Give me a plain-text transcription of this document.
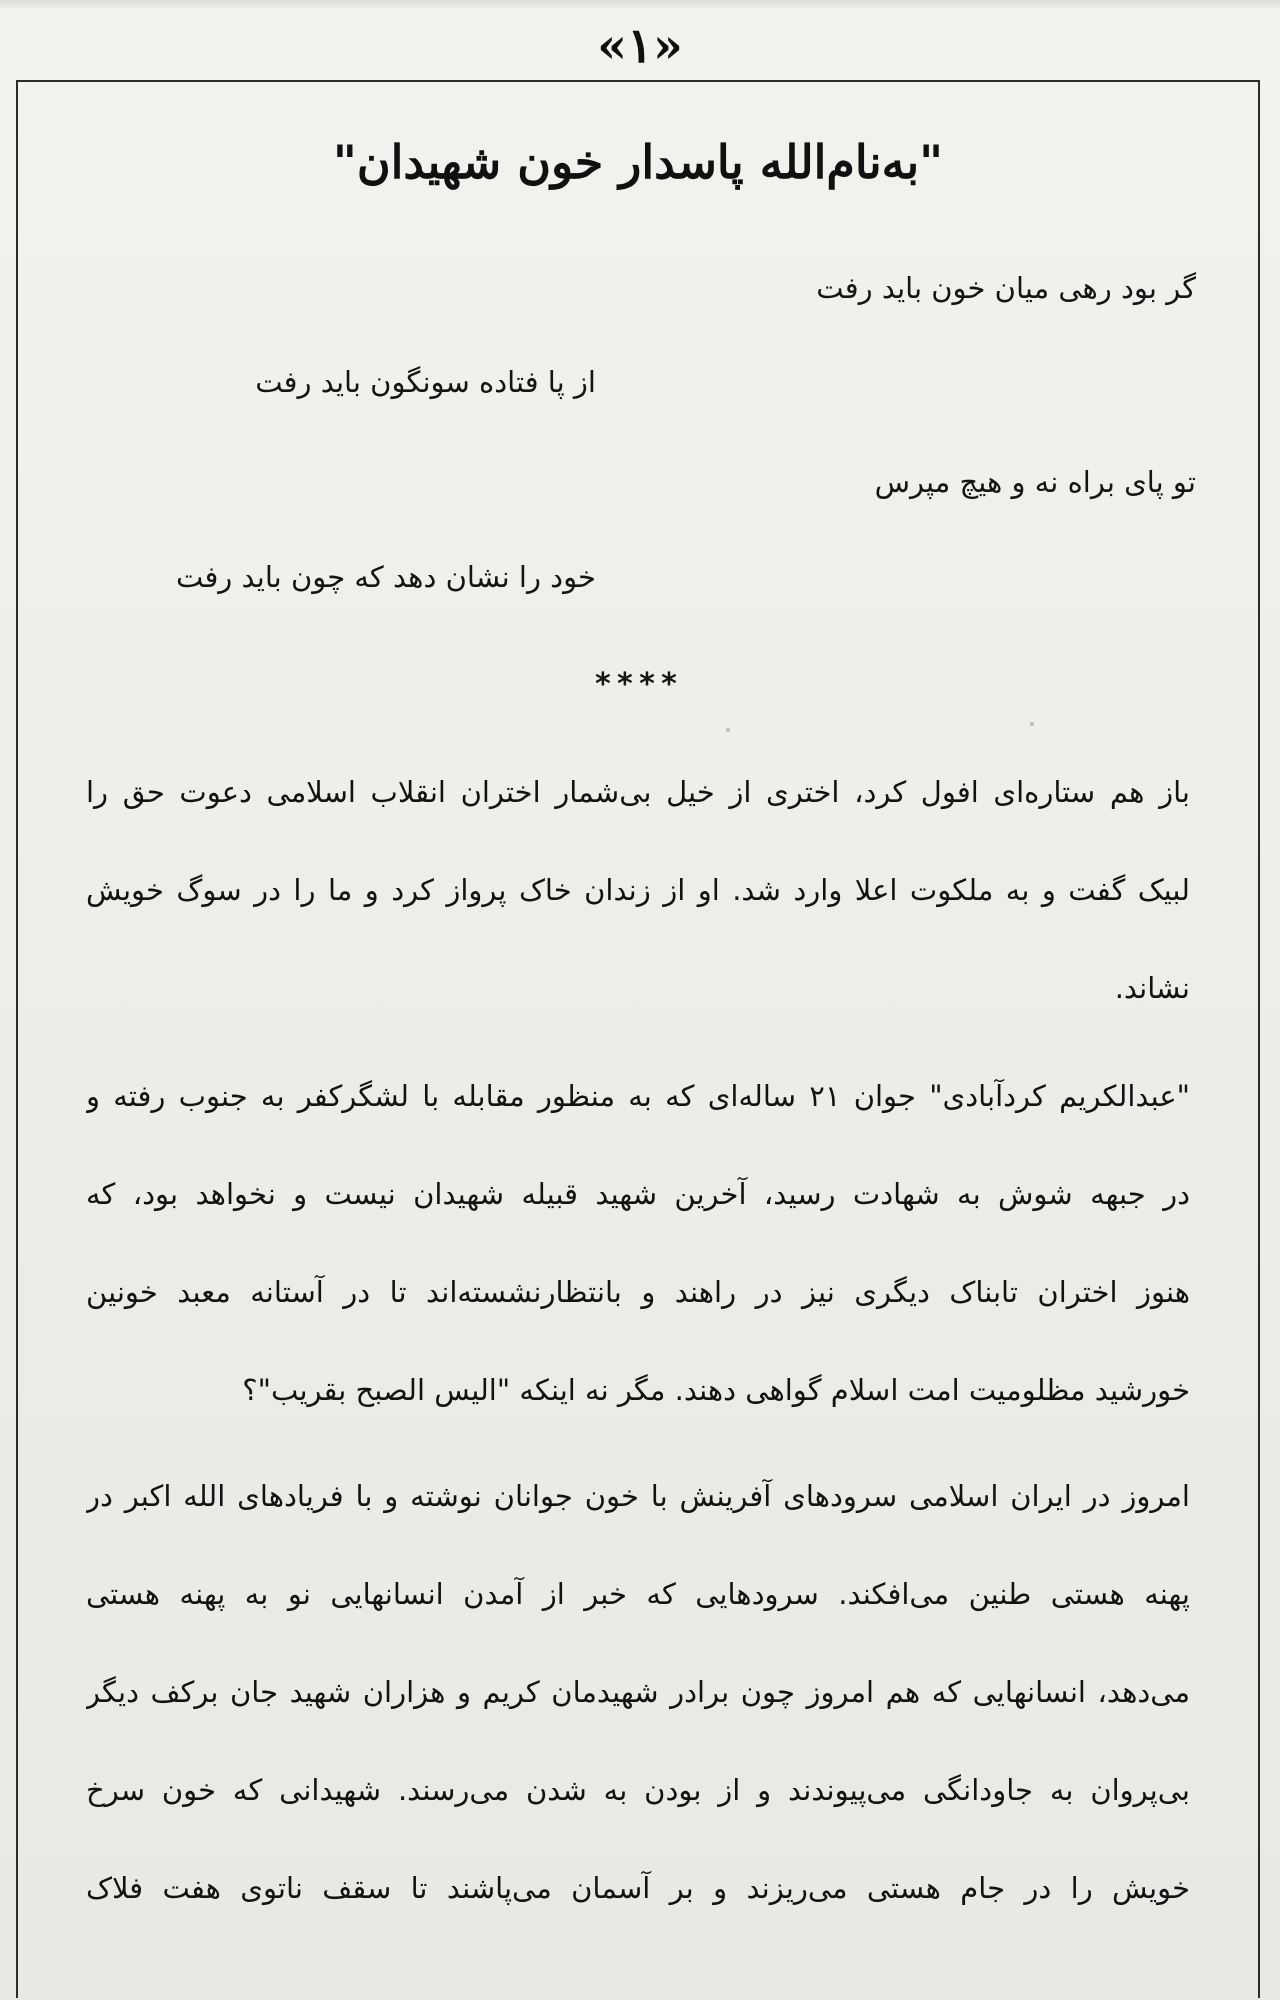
«۱»
"به‌نام‌الله پاسدار خون شهیدان"
گر بود رهی میان خون باید رفت
از پا فتاده سونگون باید رفت
تو پای براه نه و هیچ مپرس
خود را نشان دهد که چون باید رفت
****
باز هم ستاره‌ای افول کرد، اختری از خیل بی‌شمار اختران انقلاب اسلامی دعوت حق را
لبیک گفت و به ملکوت اعلا وارد شد. او از زندان خاک پرواز کرد و ما را در سوگ خویش
نشاند.
"عبدالکریم کردآبادی" جوان ۲۱ ساله‌ای که به منظور مقابله با لشگرکفر به جنوب رفته و
در جبهه شوش به شهادت رسید، آخرین شهید قبیله شهیدان نیست و نخواهد بود، که
هنوز اختران تابناک دیگری نیز در راهند و بانتظارنشسته‌اند تا در آستانه معبد خونین
خورشید مظلومیت امت اسلام گواهی دهند. مگر نه اینکه "الیس الصبح بقریب"؟
امروز در ایران اسلامی سرودهای آفرینش با خون جوانان نوشته و با فریادهای الله اکبر در
پهنه هستی طنین می‌افکند. سرودهایی که خبر از آمدن انسانهایی نو به پهنه هستی
می‌دهد، انسانهایی که هم امروز چون برادر شهیدمان کریم و هزاران شهید جان برکف دیگر
بی‌پروان به جاودانگی می‌پیوندند و از بودن به شدن می‌رسند. شهیدانی که خون سرخ
خویش را در جام هستی می‌ریزند و بر آسمان می‌پاشند تا سقف ناتوی هفت فلاک
